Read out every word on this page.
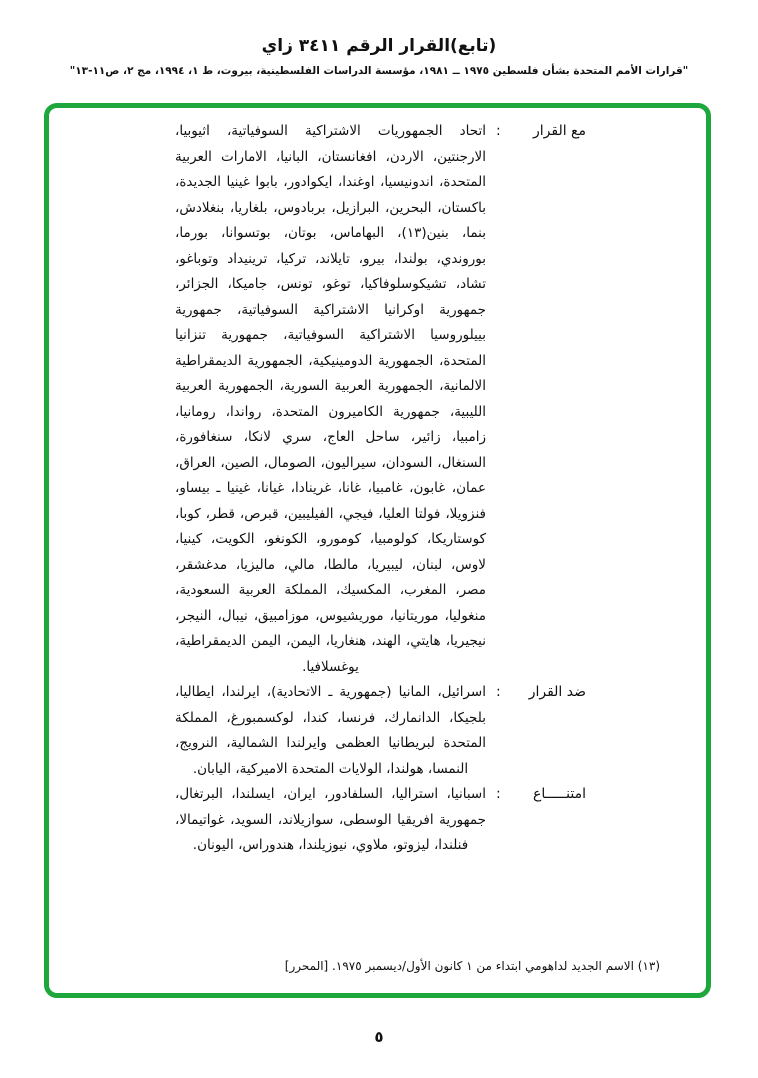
(تابع)القرار الرقم ٣٤١١ زاي
"قرارات الأمم المتحدة بشأن فلسطين ١٩٧٥ ــ ١٩٨١، مؤسسة الدراسات الفلسطينية، بيروت، ط ١، ١٩٩٤، مج ٢، ص١١-١٣"
مع القرار
:

اتحاد الجمهوريات الاشتراكية السوفياتية، اثيوبيا، الارجنتين، الاردن، افغانستان، البانيا، الامارات العربية المتحدة، اندونيسيا، اوغندا، ايكوادور، بابوا غينيا الجديدة، باكستان، البحرين، البرازيل، بربادوس، بلغاريا، بنغلادش، بنما، بنين(١٣)، البهاماس، بوتان، بوتسوانا، بورما، بوروندي، بولندا، بيرو، تايلاند، تركيا، ترينيداد وتوباغو، تشاد، تشيكوسلوفاكيا، توغو، تونس، جاميكا، الجزائر، جمهورية اوكرانيا الاشتراكية السوفياتية، جمهورية بييلوروسيا الاشتراكية السوفياتية، جمهورية تنزانيا المتحدة، الجمهورية الدومينيكية، الجمهورية الديمقراطية الالمانية، الجمهورية العربية السورية، الجمهورية العربية الليبية، جمهورية الكاميرون المتحدة، رواندا، رومانيا، زامبيا، زائير، ساحل العاج، سري لانكا، سنغافورة، السنغال، السودان، سيراليون، الصومال، الصين، العراق، عمان، غابون، غامبيا، غانا، غرينادا، غيانا، غينيا ـ بيساو، فنزويلا، فولتا العليا، فيجي، الفيليبين، قبرص، قطر، كوبا، كوستاريكا، كولومبيا، كومورو، الكونغو، الكويت، كينيا، لاوس، لبنان، ليبيريا، مالطا، مالي، ماليزيا، مدغشقر، مصر، المغرب، المكسيك، المملكة العربية السعودية، منغوليا، موريتانيا، موريشيوس، موزامبيق، نيبال، النيجر، نيجيريا، هايتي، الهند، هنغاريا، اليمن، اليمن الديمقراطية، يوغسلافيا.

ضد القرار
:

اسرائيل، المانيا (جمهورية ـ الاتحادية)، ايرلندا، ايطاليا، بلجيكا، الدانمارك، فرنسا، كندا، لوكسمبورغ، المملكة المتحدة لبريطانيا العظمى وايرلندا الشمالية، النرويج، النمسا، هولندا، الولايات المتحدة الاميركية، اليابان.

امتنـــــاع
:

اسبانيا، استراليا، السلفادور، ايران، ايسلندا، البرتغال، جمهورية افريقيا الوسطى، سوازيلاند، السويد، غواتيمالا، فنلندا، ليزوتو، ملاوي، نيوزيلندا، هندوراس، اليونان.

(١٣) الاسم الجديد لداهومي ابتداء من ١ كانون الأول/ديسمبر ١٩٧٥. [المحرر]
٥
